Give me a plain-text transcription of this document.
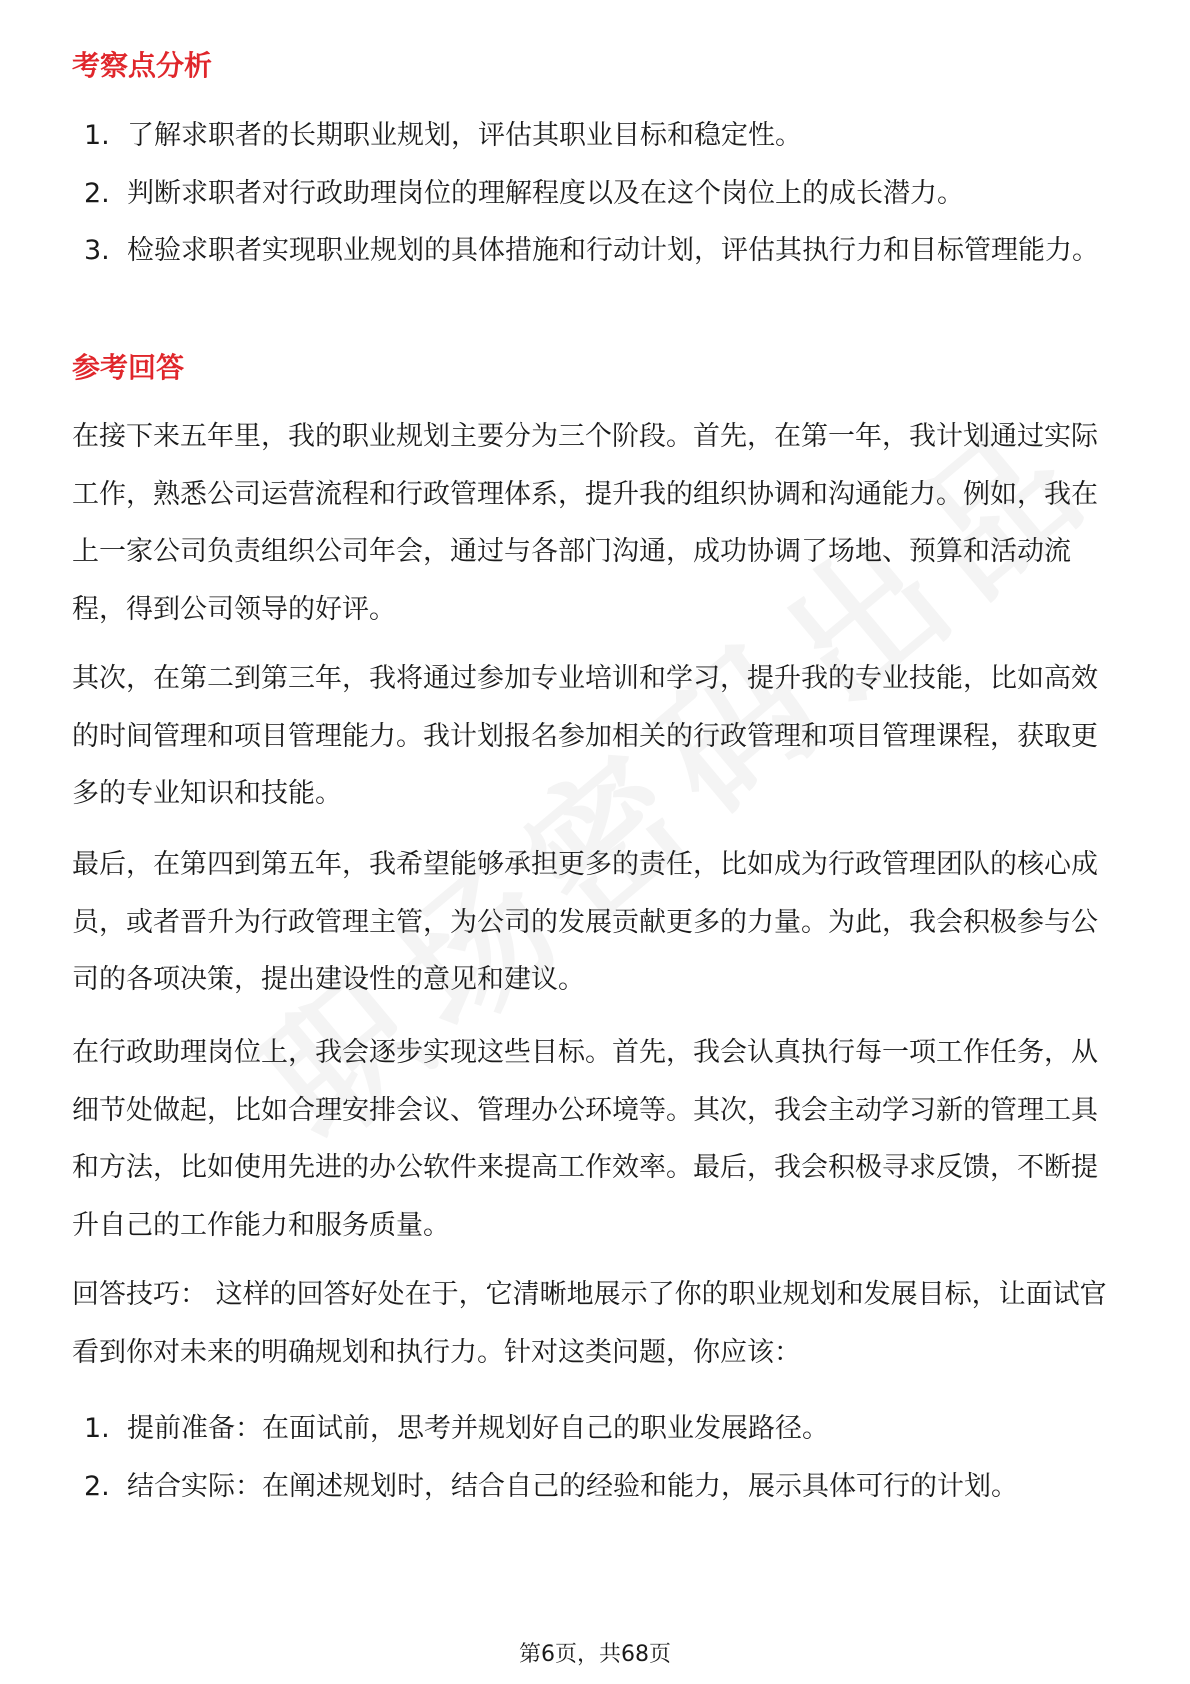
考察点分析
1. 了解求职者的长期职业规划，评估其职业目标和稳定性。
2. 判断求职者对行政助理岗位的理解程度以及在这个岗位上的成长潜力。
3. 检验求职者实现职业规划的具体措施和行动计划，评估其执行力和目标管理能力。
参考回答

在接下来五年里，我的职业规划主要分为三个阶段。首先，在第一年，我计划通过实际工作，熟悉公司运营流程和行政管理体系，提升我的组织协调和沟通能力。例如，我在上一家公司负责组织公司年会，通过与各部门沟通，成功协调了场地、预算和活动流程，得到公司领导的好评。

其次，在第二到第三年，我将通过参加专业培训和学习，提升我的专业技能，比如高效的时间管理和项目管理能力。我计划报名参加相关的行政管理和项目管理课程，获取更多的专业知识和技能。

最后，在第四到第五年，我希望能够承担更多的责任，比如成为行政管理团队的核心成员，或者晋升为行政管理主管，为公司的发展贡献更多的力量。为此，我会积极参与公司的各项决策，提出建设性的意见和建议。

在行政助理岗位上，我会逐步实现这些目标。首先，我会认真执行每一项工作任务，从细节处做起，比如合理安排会议、管理办公环境等。其次，我会主动学习新的管理工具和方法，比如使用先进的办公软件来提高工作效率。最后，我会积极寻求反馈，不断提升自己的工作能力和服务质量。

回答技巧： 这样的回答好处在于，它清晰地展示了你的职业规划和发展目标，让面试官看到你对未来的明确规划和执行力。针对这类问题，你应该：

1. 提前准备：在面试前，思考并规划好自己的职业发展路径。
2. 结合实际：在阐述规划时，结合自己的经验和能力，展示具体可行的计划。
第6页，共68页
